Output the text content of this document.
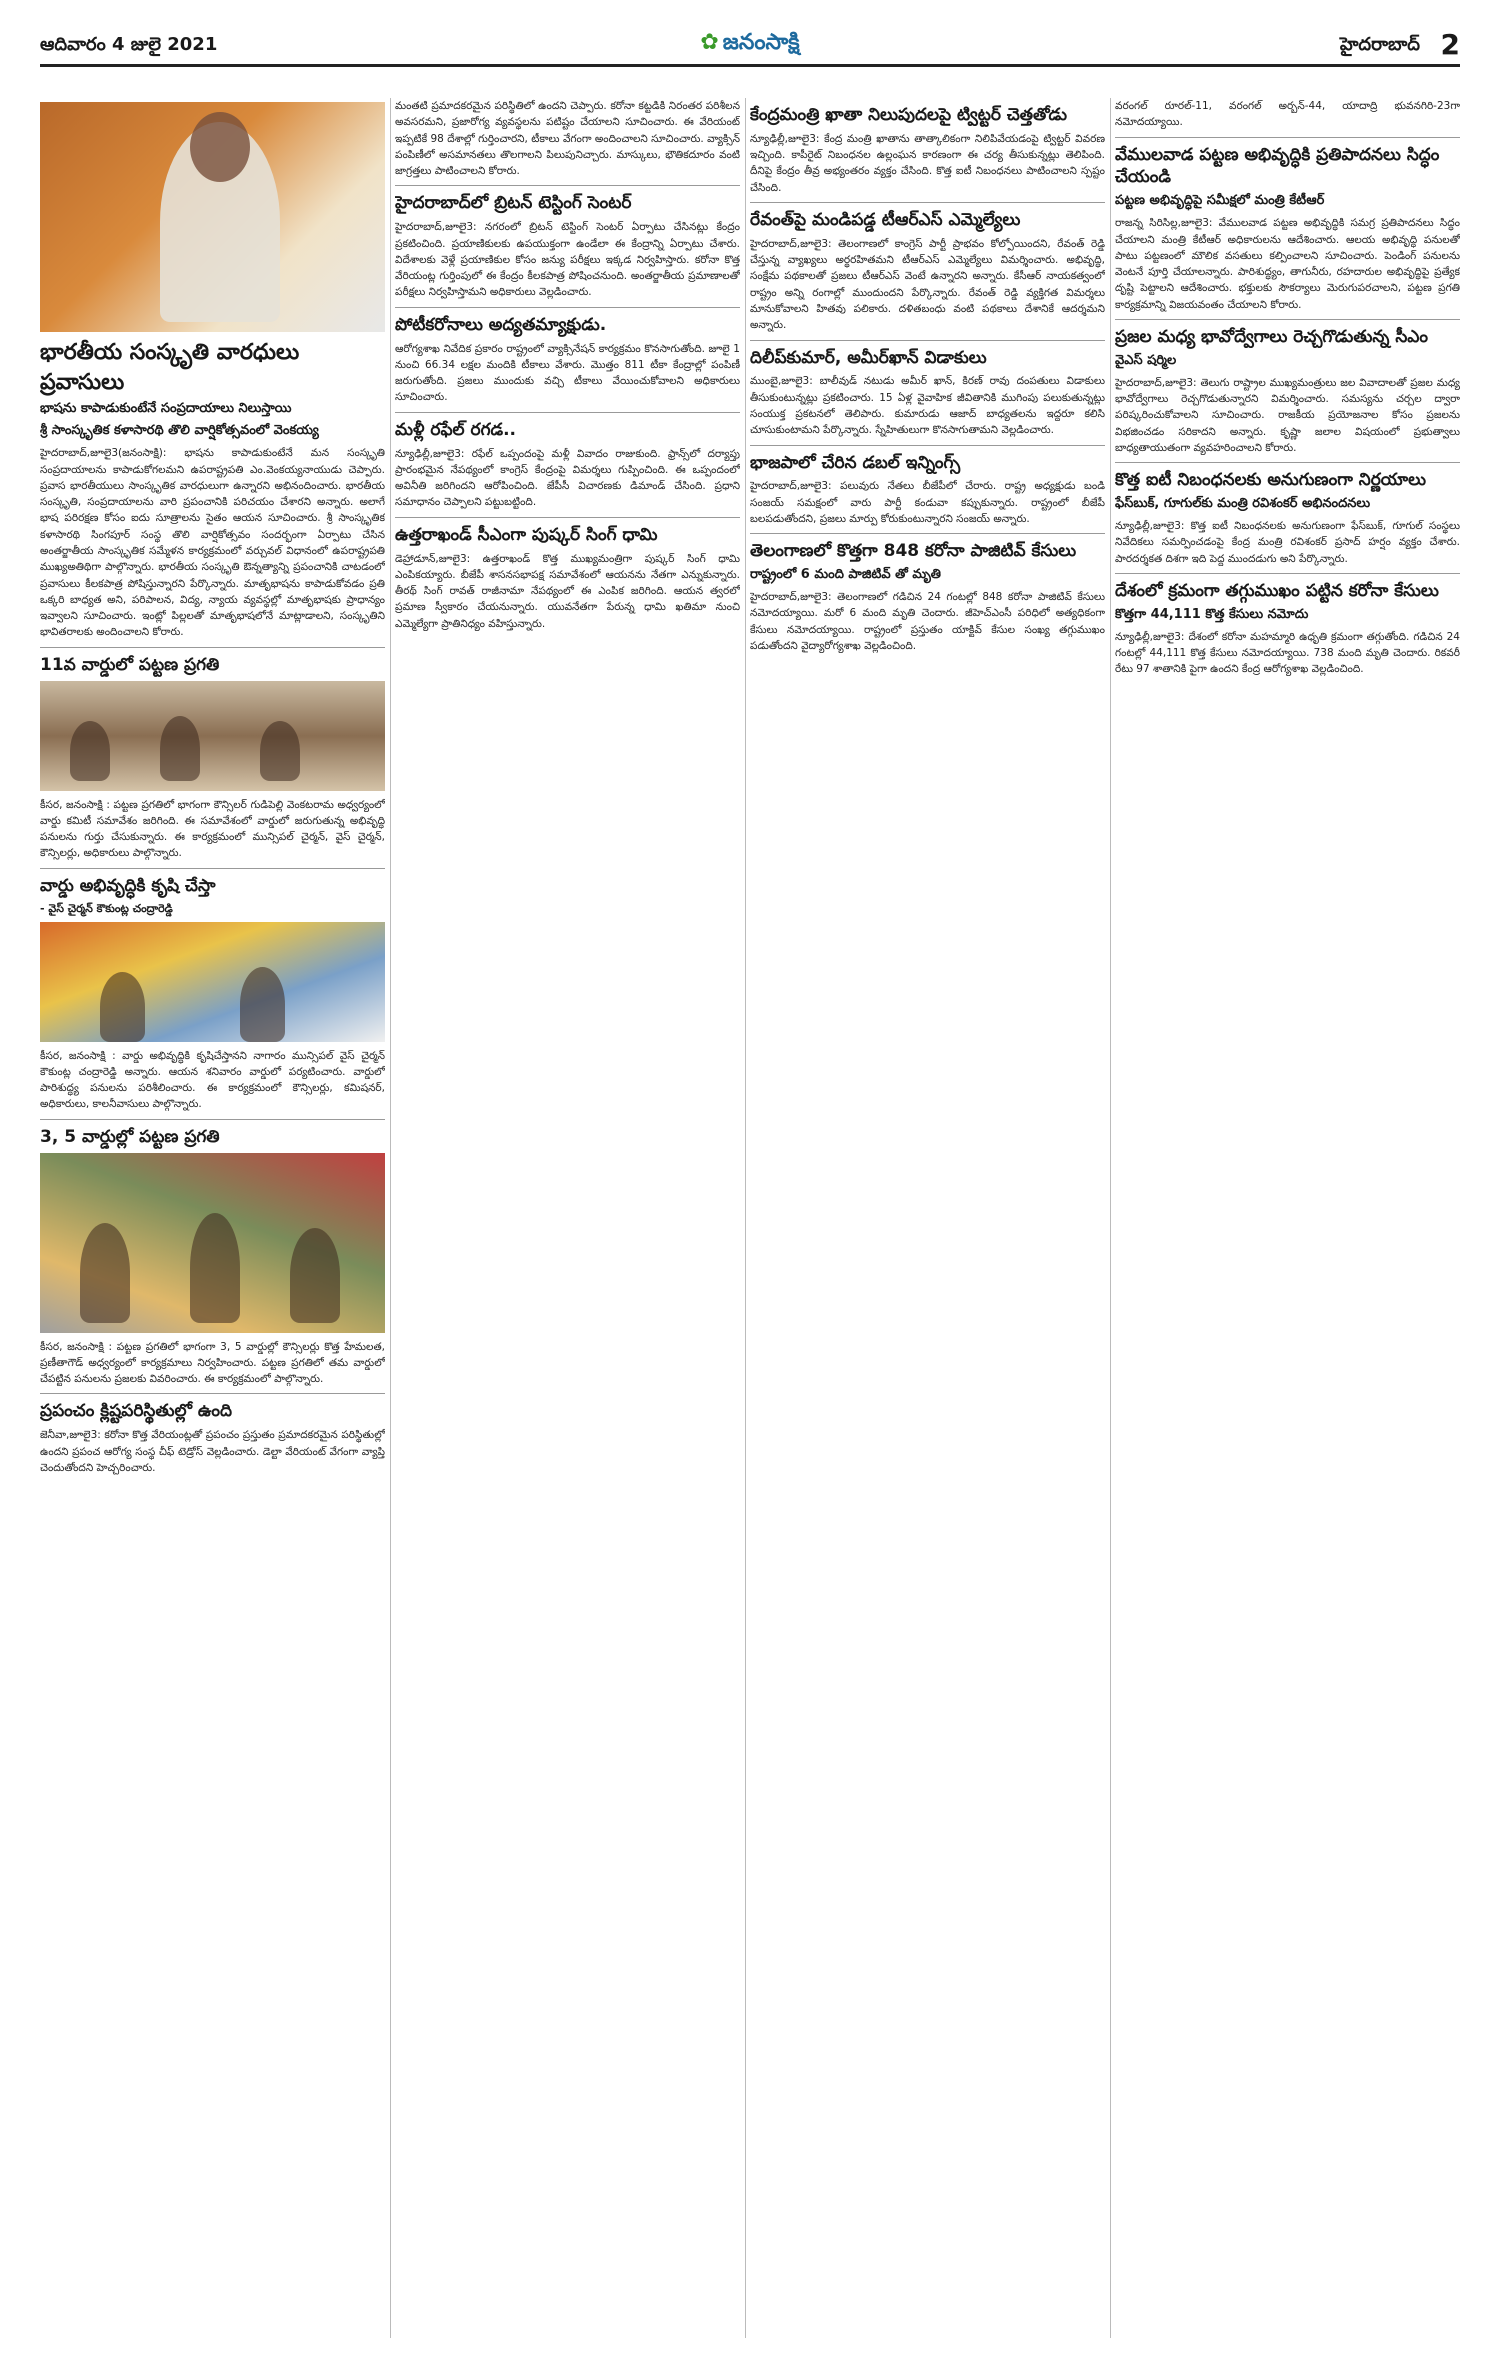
ఆదివారం 4 జులై 2021	✿ జనంసాక్షి	హైదరాబాద్ 2
భారతీయ సంస్కృతి వారధులు ప్రవాసులు
భాషను కాపాడుకుంటేనే సంప్రదాయాలు నిలుస్తాయి
శ్రీ సాంస్కృతిక కళాసారథి తొలి వార్షికోత్సవంలో వెంకయ్య

హైదరాబాద్,జూలై3(జనంసాక్షి): భాషను కాపాడుకుంటేనే మన సంస్కృతి సంప్రదాయాలను కాపాడుకోగలమని ఉపరాష్ట్రపతి ఎం.వెంకయ్యనాయుడు చెప్పారు. ప్రవాస భారతీయులు సాంస్కృతిక వారధులుగా ఉన్నారని అభినందించారు. భారతీయ సంస్కృతి, సంప్రదాయాలను వారి ప్రపంచానికి పరిచయం చేశారని అన్నారు. అలాగే భాష పరిరక్షణ కోసం ఐదు సూత్రాలను సైతం ఆయన సూచించారు. శ్రీ సాంస్కృతిక కళాసారథి సింగపూర్ సంస్థ తొలి వార్షికోత్సవం సందర్భంగా ఏర్పాటు చేసిన అంతర్జాతీయ సాంస్కృతిక సమ్మేళన కార్యక్రమంలో వర్చువల్ విధానంలో ఉపరాష్ట్రపతి ముఖ్యఅతిథిగా పాల్గొన్నారు. భారతీయ సంస్కృతి ఔన్నత్యాన్ని ప్రపంచానికి చాటడంలో ప్రవాసులు కీలకపాత్ర పోషిస్తున్నారని పేర్కొన్నారు. మాతృభాషను కాపాడుకోవడం ప్రతి ఒక్కరి బాధ్యత అని, పరిపాలన, విద్య, న్యాయ వ్యవస్థల్లో మాతృభాషకు ప్రాధాన్యం ఇవ్వాలని సూచించారు. ఇంట్లో పిల్లలతో మాతృభాషలోనే మాట్లాడాలని, సంస్కృతిని భావితరాలకు అందించాలని కోరారు.

11వ వార్డులో పట్టణ ప్రగతి

కీసర, జనంసాక్షి : పట్టణ ప్రగతిలో భాగంగా కౌన్సిలర్ గుడిపెల్లి వెంకటరామ అధ్వర్యంలో వార్డు కమిటీ సమావేశం జరిగింది. ఈ సమావేశంలో వార్డులో జరుగుతున్న అభివృద్ధి పనులను గుర్తు చేసుకున్నారు. ఈ కార్యక్రమంలో మున్సిపల్ చైర్మన్, వైస్ చైర్మన్, కౌన్సిలర్లు, అధికారులు పాల్గొన్నారు.

వార్డు అభివృద్ధికి కృషి చేస్తా
- వైస్ చైర్మన్ కౌకుంట్ల చంద్రారెడ్డి

కీసర, జనంసాక్షి : వార్డు అభివృద్ధికి కృషిచేస్తానని నాగారం మున్సిపల్ వైస్ చైర్మన్ కౌకుంట్ల చంద్రారెడ్డి అన్నారు. ఆయన శనివారం వార్డులో పర్యటించారు. వార్డులో పారిశుద్ధ్య పనులను పరిశీలించారు. ఈ కార్యక్రమంలో కౌన్సిలర్లు, కమిషనర్, అధికారులు, కాలనీవాసులు పాల్గొన్నారు.

3, 5 వార్డుల్లో పట్టణ ప్రగతి

కీసర, జనంసాక్షి : పట్టణ ప్రగతిలో భాగంగా 3, 5 వార్డుల్లో కౌన్సిలర్లు కొత్త హేమలత, ప్రణీతాగౌడ్ అధ్వర్యంలో కార్యక్రమాలు నిర్వహించారు. పట్టణ ప్రగతిలో తమ వార్డులో చేపట్టిన పనులను ప్రజలకు వివరించారు. ఈ కార్యక్రమంలో పాల్గొన్నారు.

ప్రపంచం క్లిష్టపరిస్థితుల్లో ఉంది

జెనీవా,జూలై3: కరోనా కొత్త వేరియంట్లతో ప్రపంచం ప్రస్తుతం ప్రమాదకరమైన పరిస్థితుల్లో ఉందని ప్రపంచ ఆరోగ్య సంస్థ చీఫ్ టెడ్రోస్ వెల్లడించారు. డెల్టా వేరియంట్ వేగంగా వ్యాప్తి చెందుతోందని హెచ్చరించారు.

మంతటి ప్రమాదకరమైన పరిస్థితిలో ఉందని చెప్పారు. కరోనా కట్టడికి నిరంతర పరిశీలన అవసరమని, ప్రజారోగ్య వ్యవస్థలను పటిష్టం చేయాలని సూచించారు. ఈ వేరియంట్ ఇప్పటికే 98 దేశాల్లో గుర్తించారని, టీకాలు వేగంగా అందించాలని సూచించారు. వ్యాక్సిన్ పంపిణీలో అసమానతలు తొలగాలని పిలుపునిచ్చారు. మాస్కులు, భౌతికదూరం వంటి జాగ్రత్తలు పాటించాలని కోరారు.

హైదరాబాద్‌లో బ్రిటన్ టెస్టింగ్ సెంటర్

హైదరాబాద్,జూలై3: నగరంలో బ్రిటన్ టెస్టింగ్ సెంటర్ ఏర్పాటు చేసినట్లు కేంద్రం ప్రకటించింది. ప్రయాణికులకు ఉపయుక్తంగా ఉండేలా ఈ కేంద్రాన్ని ఏర్పాటు చేశారు. విదేశాలకు వెళ్లే ప్రయాణికుల కోసం జన్యు పరీక్షలు ఇక్కడ నిర్వహిస్తారు. కరోనా కొత్త వేరియంట్ల గుర్తింపులో ఈ కేంద్రం కీలకపాత్ర పోషించనుంది. అంతర్జాతీయ ప్రమాణాలతో పరీక్షలు నిర్వహిస్తామని అధికారులు వెల్లడించారు.

పోటీకరోనాలు అద్యతమ్యాక్షుడు.

ఆరోగ్యశాఖ నివేదిక ప్రకారం రాష్ట్రంలో వ్యాక్సినేషన్ కార్యక్రమం కొనసాగుతోంది. జూలై 1 నుంచి 66.34 లక్షల మందికి టీకాలు వేశారు. మొత్తం 811 టీకా కేంద్రాల్లో పంపిణీ జరుగుతోంది. ప్రజలు ముందుకు వచ్చి టీకాలు వేయించుకోవాలని అధికారులు సూచించారు.

మళ్లీ రఫేల్ రగడ..

న్యూఢిల్లీ,జూలై3: రఫేల్ ఒప్పందంపై మళ్లీ వివాదం రాజుకుంది. ఫ్రాన్స్‌లో దర్యాప్తు ప్రారంభమైన నేపథ్యంలో కాంగ్రెస్ కేంద్రంపై విమర్శలు గుప్పించింది. ఈ ఒప్పందంలో అవినీతి జరిగిందని ఆరోపించింది. జేపీసీ విచారణకు డిమాండ్ చేసింది. ప్రధాని సమాధానం చెప్పాలని పట్టుబట్టింది.

ఉత్తరాఖండ్ సీఎంగా పుష్కర్ సింగ్ ధామి

డెహ్రాడూన్,జూలై3: ఉత్తరాఖండ్ కొత్త ముఖ్యమంత్రిగా పుష్కర్ సింగ్ ధామి ఎంపికయ్యారు. బీజేపీ శాసనసభాపక్ష సమావేశంలో ఆయనను నేతగా ఎన్నుకున్నారు. తీరథ్ సింగ్ రావత్ రాజీనామా నేపథ్యంలో ఈ ఎంపిక జరిగింది. ఆయన త్వరలో ప్రమాణ స్వీకారం చేయనున్నారు. యువనేతగా పేరున్న ధామి ఖతిమా నుంచి ఎమ్మెల్యేగా ప్రాతినిధ్యం వహిస్తున్నారు.

కేంద్రమంత్రి ఖాతా నిలుపుదలపై ట్విట్టర్ చెత్తతోడు

న్యూఢిల్లీ,జూలై3: కేంద్ర మంత్రి ఖాతాను తాత్కాలికంగా నిలిపివేయడంపై ట్విట్టర్ వివరణ ఇచ్చింది. కాపీరైట్ నిబంధనల ఉల్లంఘన కారణంగా ఈ చర్య తీసుకున్నట్లు తెలిపింది. దీనిపై కేంద్రం తీవ్ర అభ్యంతరం వ్యక్తం చేసింది. కొత్త ఐటీ నిబంధనలు పాటించాలని స్పష్టం చేసింది.

రేవంత్‌పై మండిపడ్డ టీఆర్‌ఎస్ ఎమ్మెల్యేలు

హైదరాబాద్,జూలై3: తెలంగాణలో కాంగ్రెస్ పార్టీ ప్రాభవం కోల్పోయిందని, రేవంత్ రెడ్డి చేస్తున్న వ్యాఖ్యలు అర్థరహితమని టీఆర్‌ఎస్ ఎమ్మెల్యేలు విమర్శించారు. అభివృద్ధి, సంక్షేమ పథకాలతో ప్రజలు టీఆర్‌ఎస్ వెంటే ఉన్నారని అన్నారు. కేసీఆర్ నాయకత్వంలో రాష్ట్రం అన్ని రంగాల్లో ముందుందని పేర్కొన్నారు. రేవంత్ రెడ్డి వ్యక్తిగత విమర్శలు మానుకోవాలని హితవు పలికారు. దళితబంధు వంటి పథకాలు దేశానికే ఆదర్శమని అన్నారు.

దిలీప్‌కుమార్, అమీర్‌ఖాన్ విడాకులు

ముంబై,జూలై3: బాలీవుడ్ నటుడు అమీర్ ఖాన్, కిరణ్ రావు దంపతులు విడాకులు తీసుకుంటున్నట్లు ప్రకటించారు. 15 ఏళ్ల వైవాహిక జీవితానికి ముగింపు పలుకుతున్నట్లు సంయుక్త ప్రకటనలో తెలిపారు. కుమారుడు ఆజాద్ బాధ్యతలను ఇద్దరూ కలిసి చూసుకుంటామని పేర్కొన్నారు. స్నేహితులుగా కొనసాగుతామని వెల్లడించారు.

భాజపాలో చేరిన డబల్ ఇన్నింగ్స్

హైదరాబాద్,జూలై3: పలువురు నేతలు బీజేపీలో చేరారు. రాష్ట్ర అధ్యక్షుడు బండి సంజయ్ సమక్షంలో వారు పార్టీ కండువా కప్పుకున్నారు. రాష్ట్రంలో బీజేపీ బలపడుతోందని, ప్రజలు మార్పు కోరుకుంటున్నారని సంజయ్ అన్నారు.

తెలంగాణలో కొత్తగా 848 కరోనా పాజిటివ్ కేసులు
రాష్ట్రంలో 6 మంది పాజిటివ్ తో మృతి

హైదరాబాద్,జూలై3: తెలంగాణలో గడిచిన 24 గంటల్లో 848 కరోనా పాజిటివ్ కేసులు నమోదయ్యాయి. మరో 6 మంది మృతి చెందారు. జీహెచ్‌ఎంసీ పరిధిలో అత్యధికంగా కేసులు నమోదయ్యాయి. రాష్ట్రంలో ప్రస్తుతం యాక్టివ్ కేసుల సంఖ్య తగ్గుముఖం పడుతోందని వైద్యారోగ్యశాఖ వెల్లడించింది.

వరంగల్ రూరల్-11, వరంగల్ అర్బన్-44, యాదాద్రి భువనగిరి-23గా నమోదయ్యాయి.

వేములవాడ పట్టణ అభివృద్ధికి ప్రతిపాదనలు సిద్ధం చేయండి
పట్టణ అభివృద్ధిపై సమీక్షలో మంత్రి కేటీఆర్

రాజన్న సిరిసిల్ల,జూలై3: వేములవాడ పట్టణ అభివృద్ధికి సమగ్ర ప్రతిపాదనలు సిద్ధం చేయాలని మంత్రి కేటీఆర్ అధికారులను ఆదేశించారు. ఆలయ అభివృద్ధి పనులతో పాటు పట్టణంలో మౌలిక వసతులు కల్పించాలని సూచించారు. పెండింగ్ పనులను వెంటనే పూర్తి చేయాలన్నారు. పారిశుద్ధ్యం, తాగునీరు, రహదారుల అభివృద్ధిపై ప్రత్యేక దృష్టి పెట్టాలని ఆదేశించారు. భక్తులకు సౌకర్యాలు మెరుగుపరచాలని, పట్టణ ప్రగతి కార్యక్రమాన్ని విజయవంతం చేయాలని కోరారు.

ప్రజల మధ్య భావోద్వేగాలు రెచ్చగొడుతున్న సీఎం
వైఎస్ షర్మిల

హైదరాబాద్,జూలై3: తెలుగు రాష్ట్రాల ముఖ్యమంత్రులు జల వివాదాలతో ప్రజల మధ్య భావోద్వేగాలు రెచ్చగొడుతున్నారని విమర్శించారు. సమస్యను చర్చల ద్వారా పరిష్కరించుకోవాలని సూచించారు. రాజకీయ ప్రయోజనాల కోసం ప్రజలను విభజించడం సరికాదని అన్నారు. కృష్ణా జలాల విషయంలో ప్రభుత్వాలు బాధ్యతాయుతంగా వ్యవహరించాలని కోరారు.

కొత్త ఐటీ నిబంధనలకు అనుగుణంగా నిర్ణయాలు
ఫేస్‌బుక్, గూగుల్‌కు మంత్రి రవిశంకర్ అభినందనలు

న్యూఢిల్లీ,జూలై3: కొత్త ఐటీ నిబంధనలకు అనుగుణంగా ఫేస్‌బుక్, గూగుల్ సంస్థలు నివేదికలు సమర్పించడంపై కేంద్ర మంత్రి రవిశంకర్ ప్రసాద్ హర్షం వ్యక్తం చేశారు. పారదర్శకత దిశగా ఇది పెద్ద ముందడుగు అని పేర్కొన్నారు.

దేశంలో క్రమంగా తగ్గుముఖం పట్టిన కరోనా కేసులు
కొత్తగా 44,111 కొత్త కేసులు నమోదు

న్యూఢిల్లీ,జూలై3: దేశంలో కరోనా మహమ్మారి ఉధృతి క్రమంగా తగ్గుతోంది. గడిచిన 24 గంటల్లో 44,111 కొత్త కేసులు నమోదయ్యాయి. 738 మంది మృతి చెందారు. రికవరీ రేటు 97 శాతానికి పైగా ఉందని కేంద్ర ఆరోగ్యశాఖ వెల్లడించింది.
